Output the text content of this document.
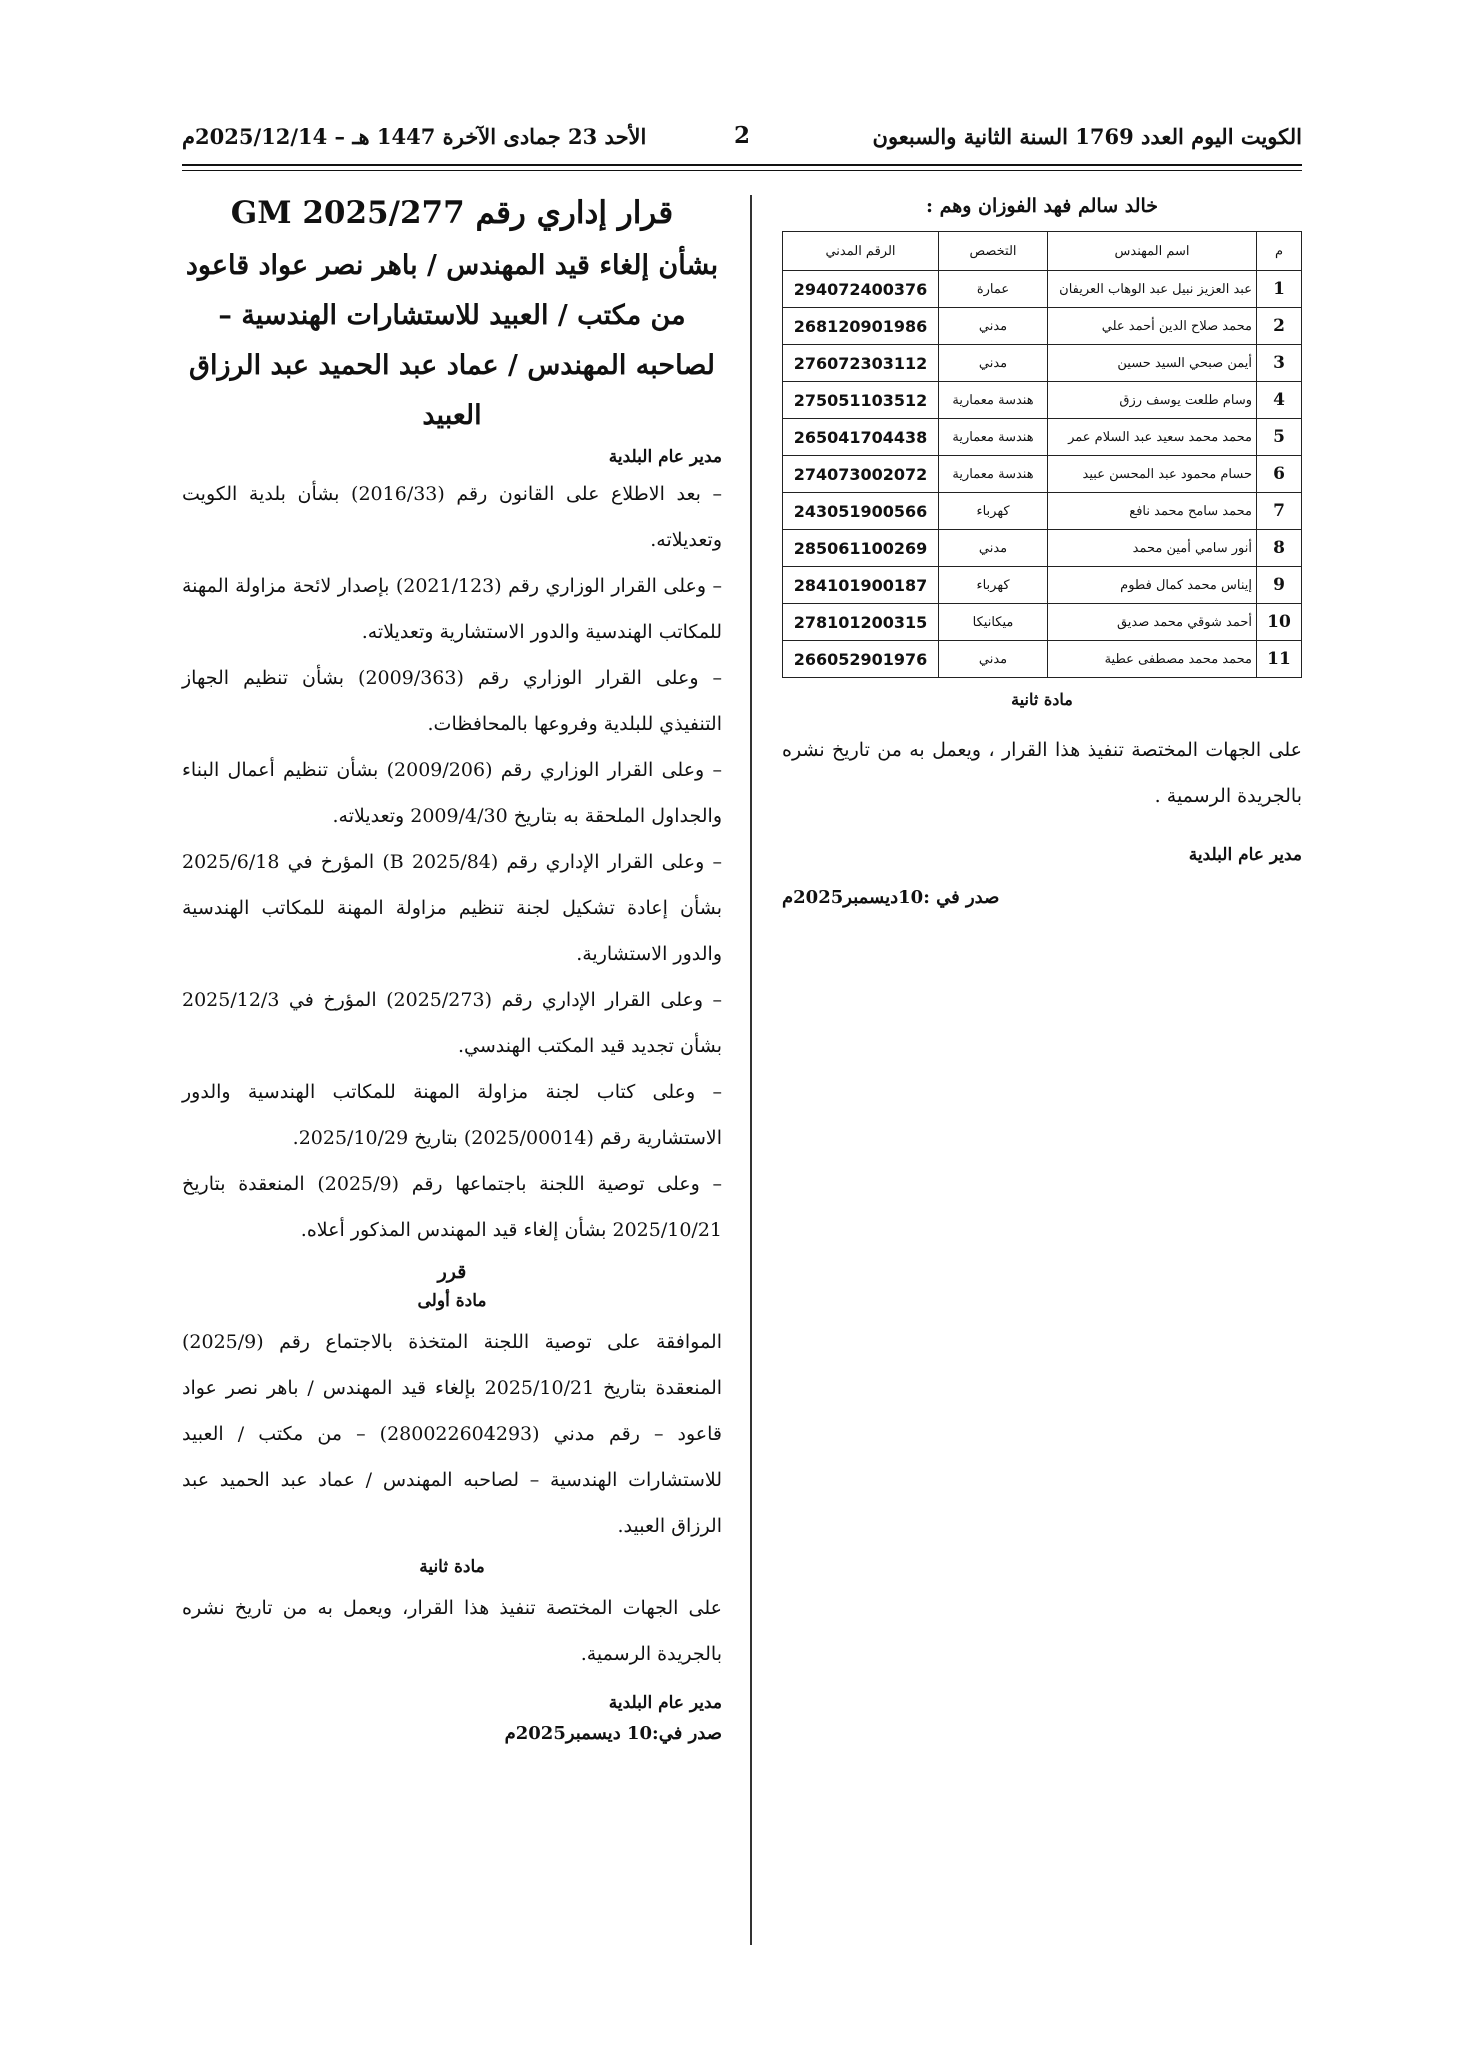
الكويت اليوم العدد 1769 السنة الثانية والسبعون
2
الأحد 23 جمادى الآخرة 1447 هـ – 2025/12/14م
قرار إداري رقم 2025/277 GM
بشأن إلغاء قيد المهندس / باهر نصر عواد قاعود من مكتب / العبيد للاستشارات الهندسية – لصاحبه المهندس / عماد عبد الحميد عبد الرزاق العبيد
مدير عام البلدية

– بعد الاطلاع على القانون رقم (2016/33) بشأن بلدية الكويت وتعديلاته.

– وعلى القرار الوزاري رقم (2021/123) بإصدار لائحة مزاولة المهنة للمكاتب الهندسية والدور الاستشارية وتعديلاته.

– وعلى القرار الوزاري رقم (2009/363) بشأن تنظيم الجهاز التنفيذي للبلدية وفروعها بالمحافظات.

– وعلى القرار الوزاري رقم (2009/206) بشأن تنظيم أعمال البناء والجداول الملحقة به بتاريخ 2009/4/30 وتعديلاته.

– وعلى القرار الإداري رقم (2025/84 B) المؤرخ في 2025/6/18 بشأن إعادة تشكيل لجنة تنظيم مزاولة المهنة للمكاتب الهندسية والدور الاستشارية.

– وعلى القرار الإداري رقم (2025/273) المؤرخ في 2025/12/3 بشأن تجديد قيد المكتب الهندسي.

– وعلى كتاب لجنة مزاولة المهنة للمكاتب الهندسية والدور الاستشارية رقم (2025/00014) بتاريخ 2025/10/29.

– وعلى توصية اللجنة باجتماعها رقم (2025/9) المنعقدة بتاريخ 2025/10/21 بشأن إلغاء قيد المهندس المذكور أعلاه.

قرر
مادة أولى

الموافقة على توصية اللجنة المتخذة بالاجتماع رقم (2025/9) المنعقدة بتاريخ 2025/10/21 بإلغاء قيد المهندس / باهر نصر عواد قاعود – رقم مدني (280022604293) – من مكتب / العبيد للاستشارات الهندسية – لصاحبه المهندس / عماد عبد الحميد عبد الرزاق العبيد.

مادة ثانية

على الجهات المختصة تنفيذ هذا القرار، ويعمل به من تاريخ نشره بالجريدة الرسمية.

مدير عام البلدية
صدر في:10 ديسمبر2025م
خالد سالم فهد الفوزان وهم :
م	اسم المهندس	التخصص	الرقم المدني
1	عبد العزيز نبيل عبد الوهاب العريفان	عمارة	294072400376
2	محمد صلاح الدين أحمد علي	مدني	268120901986
3	أيمن صبحي السيد حسين	مدني	276072303112
4	وسام طلعت يوسف رزق	هندسة معمارية	275051103512
5	محمد محمد سعيد عبد السلام عمر	هندسة معمارية	265041704438
6	حسام محمود عبد المحسن عبيد	هندسة معمارية	274073002072
7	محمد سامح محمد نافع	كهرباء	243051900566
8	أنور سامي أمين محمد	مدني	285061100269
9	إيناس محمد كمال فطوم	كهرباء	284101900187
10	أحمد شوقي محمد صديق	ميكانيكا	278101200315
11	محمد محمد مصطفى عطية	مدني	266052901976
مادة ثانية

على الجهات المختصة تنفيذ هذا القرار ، ويعمل به من تاريخ نشره بالجريدة الرسمية .

مدير عام البلدية
صدر في :10ديسمبر2025م
